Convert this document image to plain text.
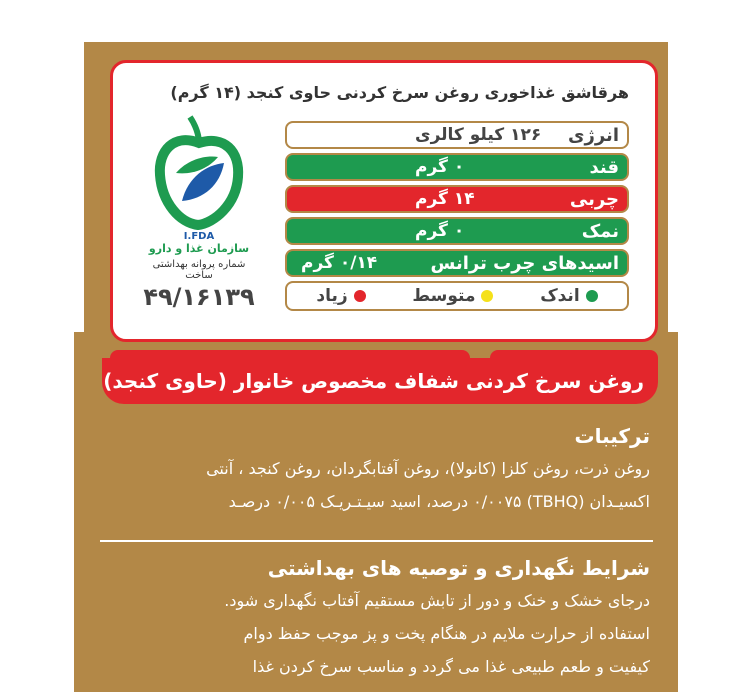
هرقاشق غذاخوری روغن سرخ کردنی حاوی کنجد (۱۴ گرم)
انرژی
۱۲۶ کیلو کالری
قند
۰ گرم
چربی
۱۴ گرم
نمک
۰ گرم
اسیدهای چرب ترانس
۰/۱۴ گرم
اندک
متوسط
زیاد
I.FDA
سازمان غذا و دارو
شماره پروانه بهداشتی ساخت
۴۹/۱۶۱۳۹
روغن سرخ کردنی شفاف مخصوص خانوار (حاوی کنجد)
ترکیبات
روغن ذرت، روغن کلزا (کانولا)، روغن آفتابگردان، روغن کنجد ، آنتی
اکسیـدان (TBHQ) ۰/۰۰۷۵ درصد، اسید سیـتـریـک ۰/۰۰۵ درصـد
شرایط نگهداری و توصیه های بهداشتی
درجای خشک و خنک و دور از تابش مستقیم آفتاب نگهداری شود.
استفاده از حرارت ملایم در هنگام پخت و پز موجب حفظ دوام
کیفیت و طعم طبیعی غذا می گردد و مناسب سرخ کردن غذا
